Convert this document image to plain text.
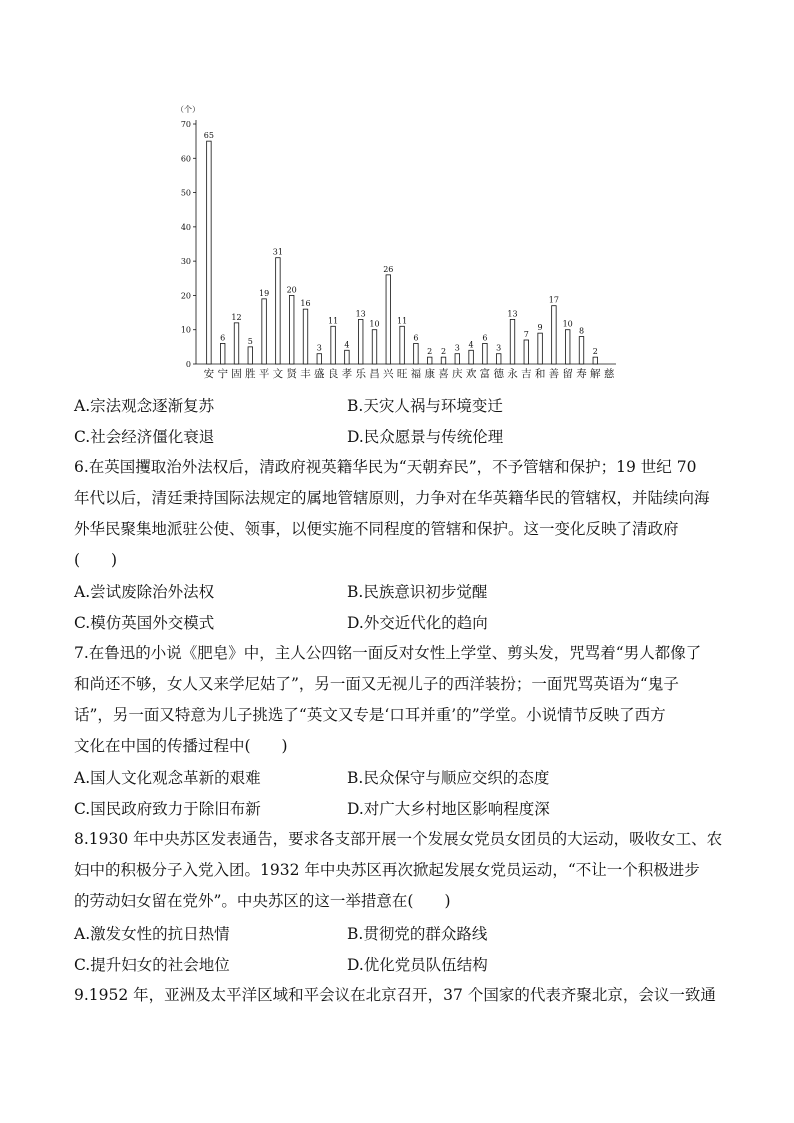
（个）
0
10
20
30
40
50
60
70
65
安
6
宁
12
固
5
胜
19
平
31
文
20
贤
16
丰
3
盛
11
良
4
孝
13
乐
10
昌
26
兴
11
旺
6
福
2
康
2
喜
3
庆
4
欢
6
富
3
德
13
永
7
吉
9
和
17
善
10
留
8
寿
2
解 慈
A.宗法观念逐渐复苏	B.天灾人祸与环境变迁
C.社会经济僵化衰退	D.民众愿景与传统伦理

6.在英国攫取治外法权后，清政府视英籍华民为“天朝弃民”，不予管辖和保护；19 世纪 70

年代以后，清廷秉持国际法规定的属地管辖原则，力争对在华英籍华民的管辖权，并陆续向海

外华民聚集地派驻公使、领事，以便实施不同程度的管辖和保护。这一变化反映了清政府

(　　)

A.尝试废除治外法权	B.民族意识初步觉醒
C.模仿英国外交模式	D.外交近代化的趋向

7.在鲁迅的小说《肥皂》中，主人公四铭一面反对女性上学堂、剪头发，咒骂着“男人都像了

和尚还不够，女人又来学尼姑了”，另一面又无视儿子的西洋装扮；一面咒骂英语为“鬼子

话”，另一面又特意为儿子挑选了“英文又专是‘口耳并重’的”学堂。小说情节反映了西方

文化在中国的传播过程中(　　)

A.国人文化观念革新的艰难	B.民众保守与顺应交织的态度
C.国民政府致力于除旧布新	D.对广大乡村地区影响程度深

8.1930 年中央苏区发表通告，要求各支部开展一个发展女党员女团员的大运动，吸收女工、农

妇中的积极分子入党入团。1932 年中央苏区再次掀起发展女党员运动，“不让一个积极进步

的劳动妇女留在党外”。中央苏区的这一举措意在(　　)

A.激发女性的抗日热情	B.贯彻党的群众路线
C.提升妇女的社会地位	D.优化党员队伍结构

9.1952 年，亚洲及太平洋区域和平会议在北京召开，37 个国家的代表齐聚北京，会议一致通
